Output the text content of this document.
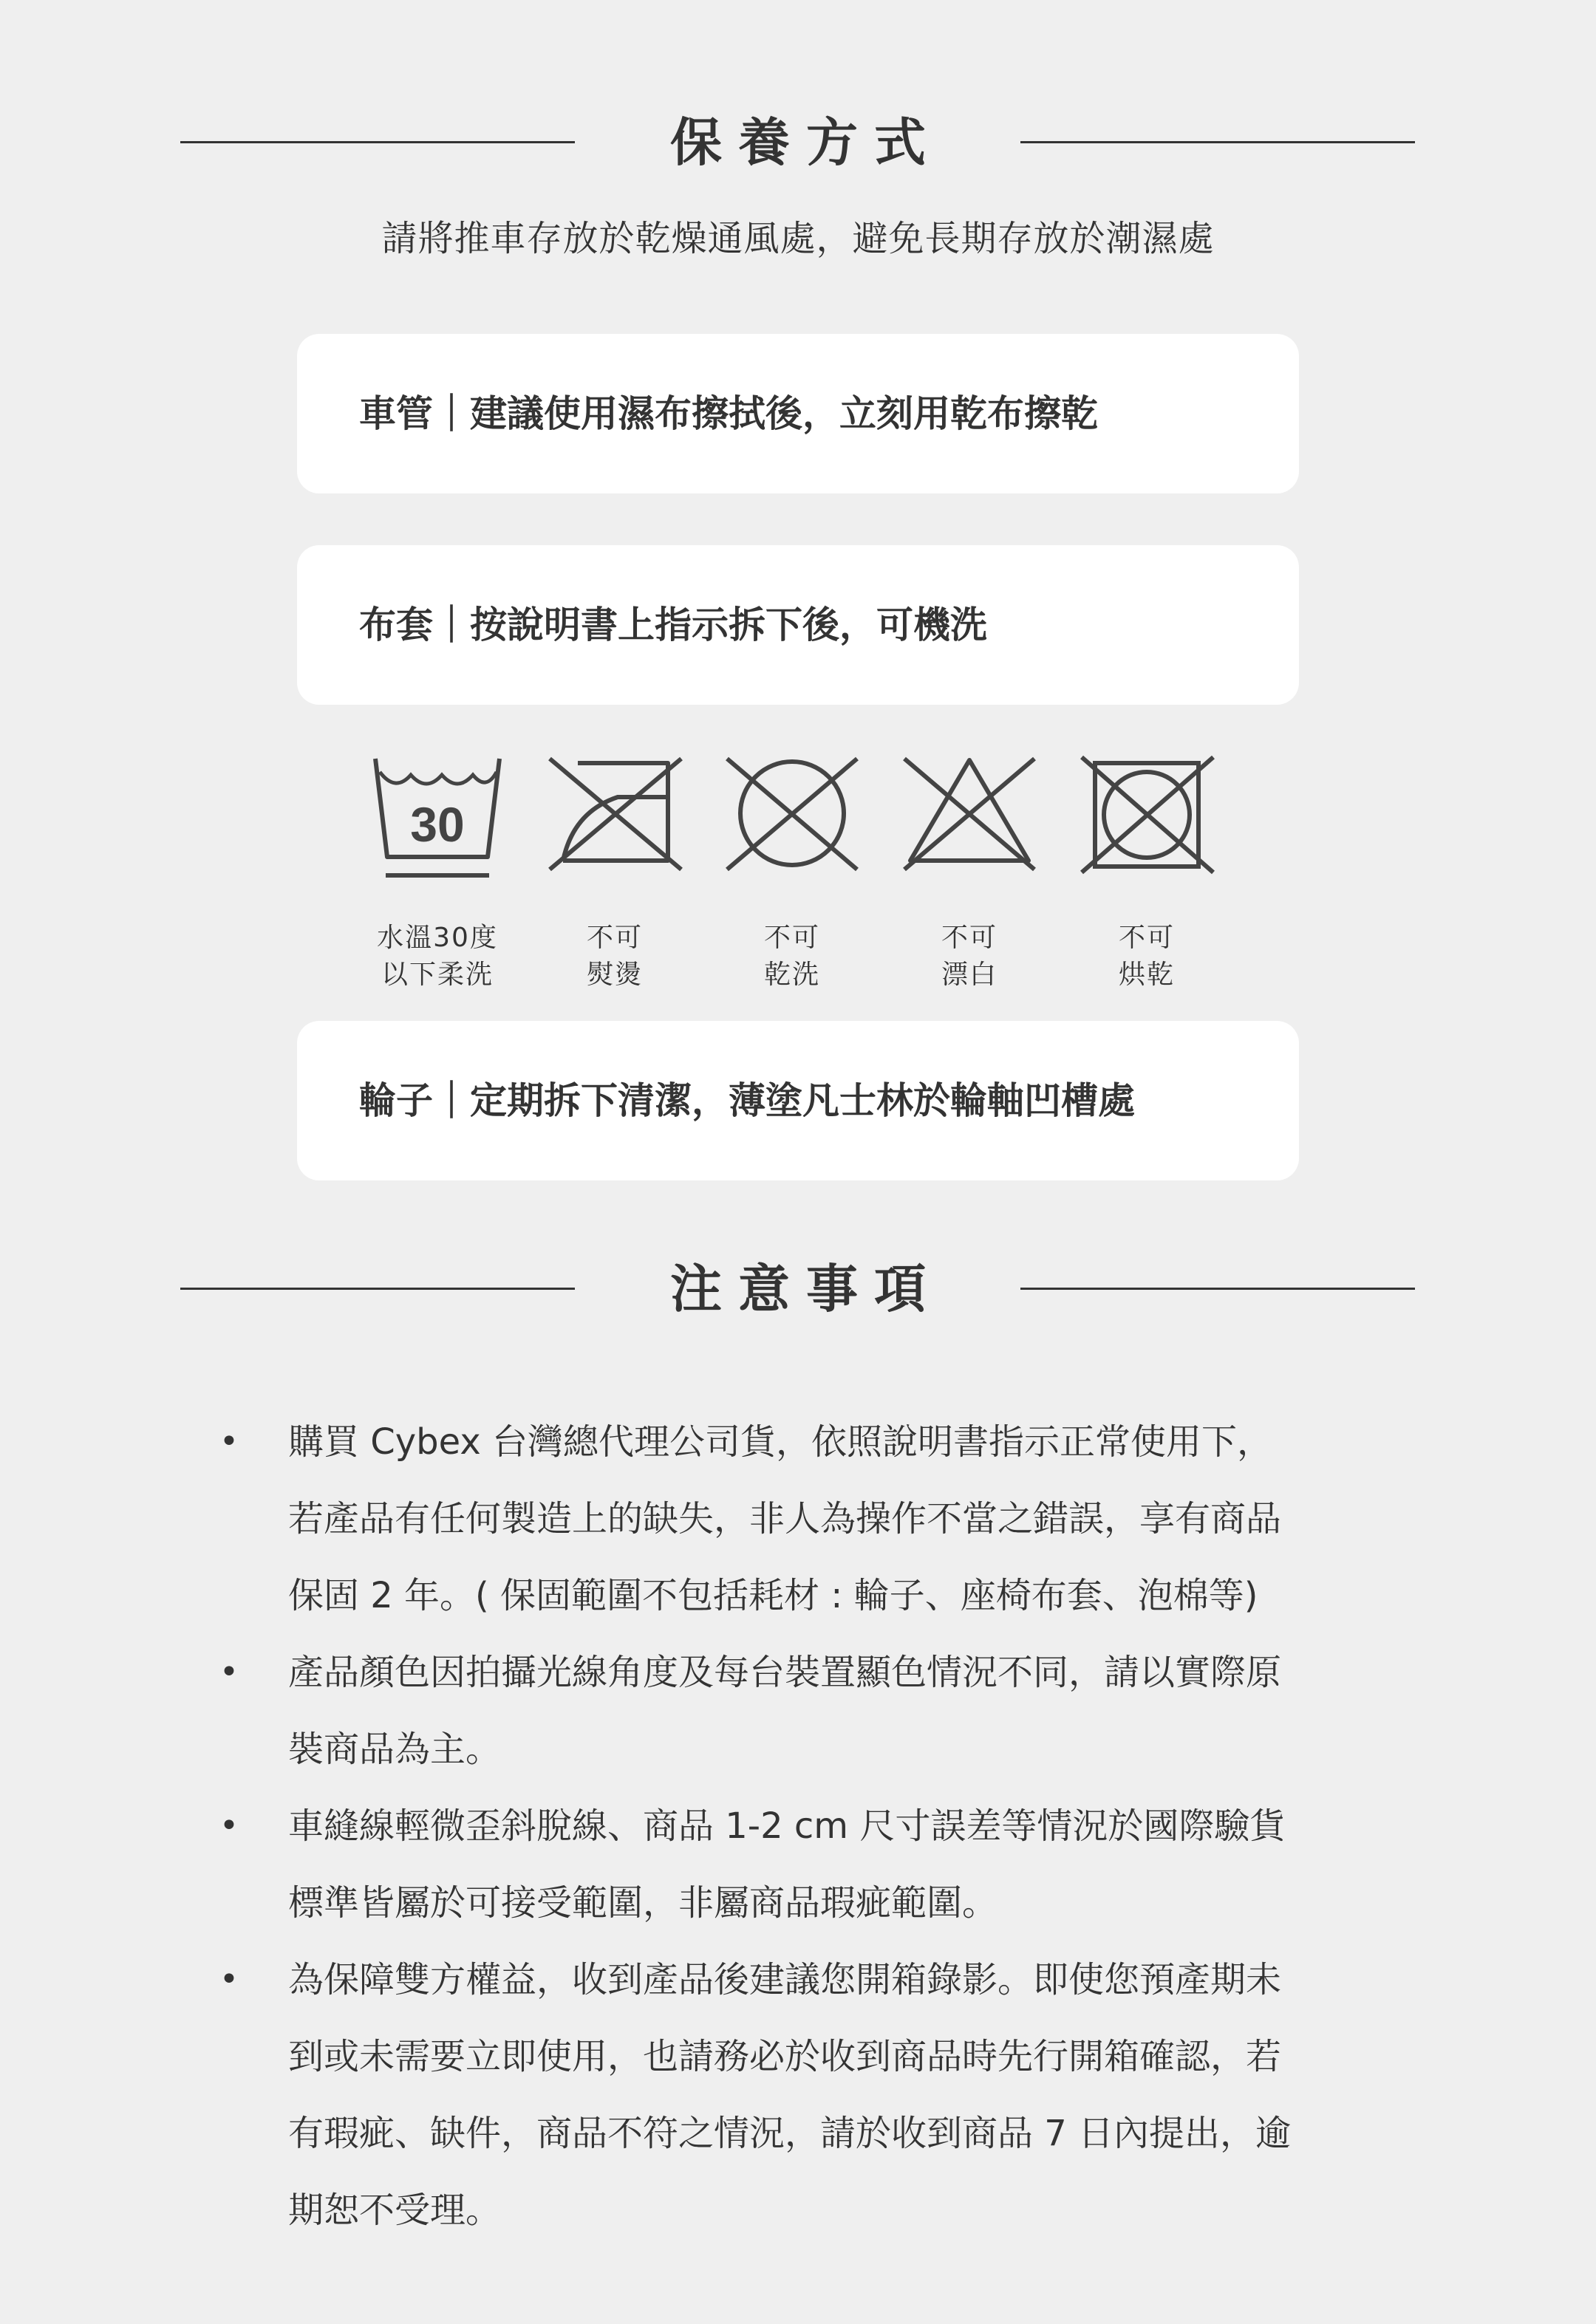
保養方式
請將推車存放於乾燥通風處，避免長期存放於潮濕處
車管｜建議使用濕布擦拭後，立刻用乾布擦乾
布套｜按說明書上指示拆下後，可機洗
30
水溫30度
以下柔洗
不可
熨燙
不可
乾洗
不可
漂白
不可
烘乾
輪子｜定期拆下清潔，薄塗凡士林於輪軸凹槽處
注意事項
• 購買 Cybex 台灣總代理公司貨，依照說明書指示正常使用下，
若產品有任何製造上的缺失，非人為操作不當之錯誤，享有商品
保固 2 年。( 保固範圍不包括耗材 : 輪子、座椅布套、泡棉等)
• 產品顏色因拍攝光線角度及每台裝置顯色情況不同，請以實際原
裝商品為主。
• 車縫線輕微歪斜脫線、商品 1-2 cm 尺寸誤差等情況於國際驗貨
標準皆屬於可接受範圍，非屬商品瑕疵範圍。
• 為保障雙方權益，收到產品後建議您開箱錄影。即使您預產期未
到或未需要立即使用，也請務必於收到商品時先行開箱確認，若
有瑕疵、缺件，商品不符之情況，請於收到商品 7 日內提出，逾
期恕不受理。
